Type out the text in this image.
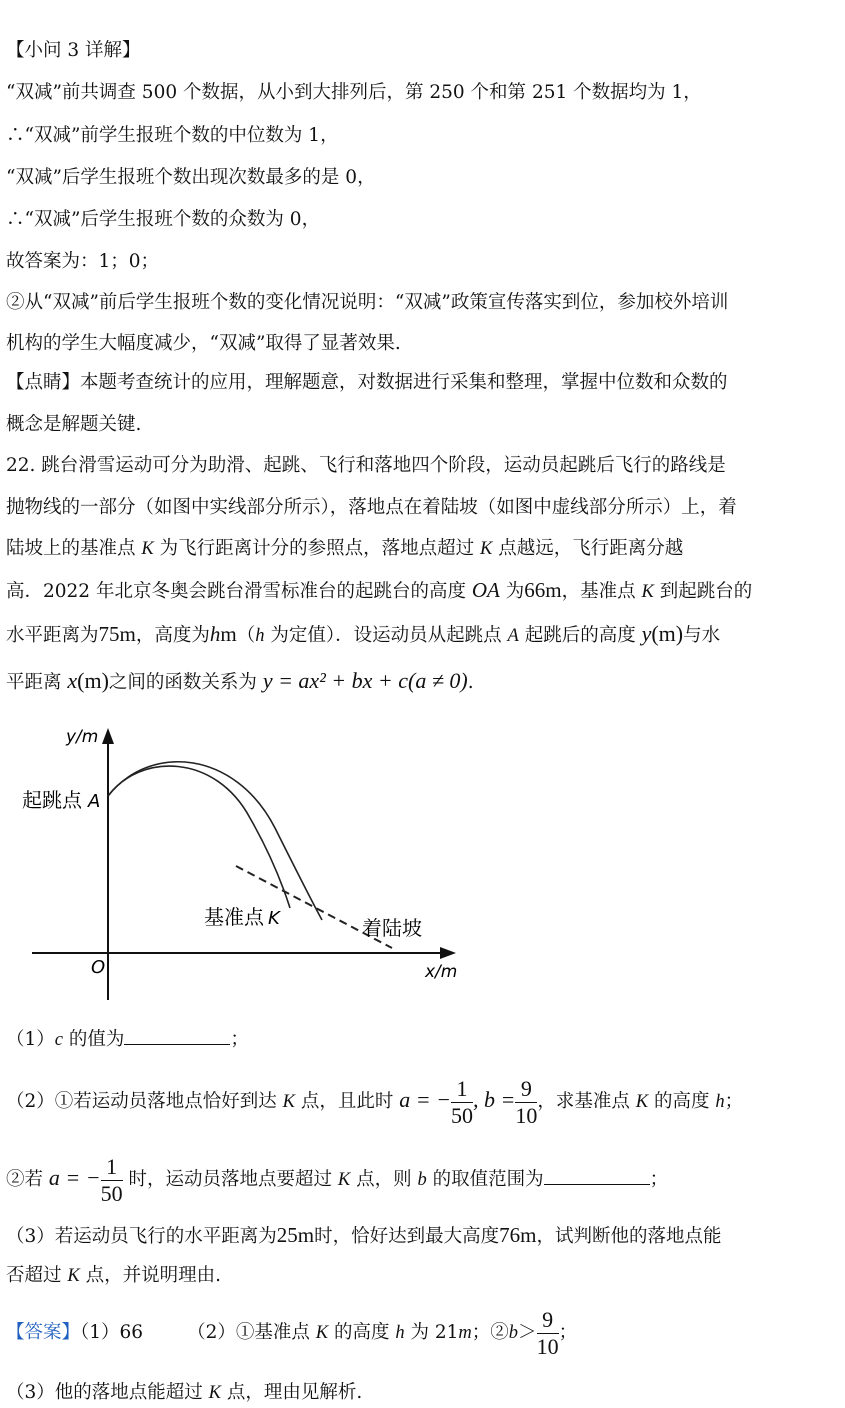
【小问 3 详解】
“双减”前共调查 500 个数据，从小到大排列后，第 250 个和第 251 个数据均为 1，
∴“双减”前学生报班个数的中位数为 1，
“双减”后学生报班个数出现次数最多的是 0，
∴“双减”后学生报班个数的众数为 0，
故答案为：1；0；
②从“双减”前后学生报班个数的变化情况说明：“双减”政策宣传落实到位，参加校外培训
机构的学生大幅度减少，“双减”取得了显著效果.
【点睛】本题考查统计的应用，理解题意，对数据进行采集和整理，掌握中位数和众数的
概念是解题关键.
22. 跳台滑雪运动可分为助滑、起跳、飞行和落地四个阶段，运动员起跳后飞行的路线是
抛物线的一部分（如图中实线部分所示），落地点在着陆坡（如图中虚线部分所示）上，着
陆坡上的基准点 K 为飞行距离计分的参照点，落地点超过 K 点越远，飞行距离分越
高．2022 年北京冬奥会跳台滑雪标准台的起跳台的高度 OA 为66m，基准点 K 到起跳台的
水平距离为75m，高度为hm（h 为定值）．设运动员从起跳点 A 起跳后的高度 y(m)与水
平距离 x(m)之间的函数关系为 y = ax² + bx + c(a ≠ 0).
y/m
x/m
O
起跳点 A
基准点 K	着陆坡
（1）c 的值为	；
（2）①若运动员落地点恰好到达 K 点，且此时 a = − $\frac{1}{50}$ , $b = \frac{9}{10}$ ，求基准点 K 的高度 h；
②若 a = − $\frac{1}{50}$ 时，运动员落地点要超过 K 点，则 b 的取值范围为	；
（3）若运动员飞行的水平距离为25m时，恰好达到最大高度76m，试判断他的落地点能
否超过 K 点，并说明理由.
【答案】（1）66 （2）①基准点 K 的高度 h 为 21m；②b＞ $\frac{9}{10}$ ；
（3）他的落地点能超过 K 点，理由见解析.
